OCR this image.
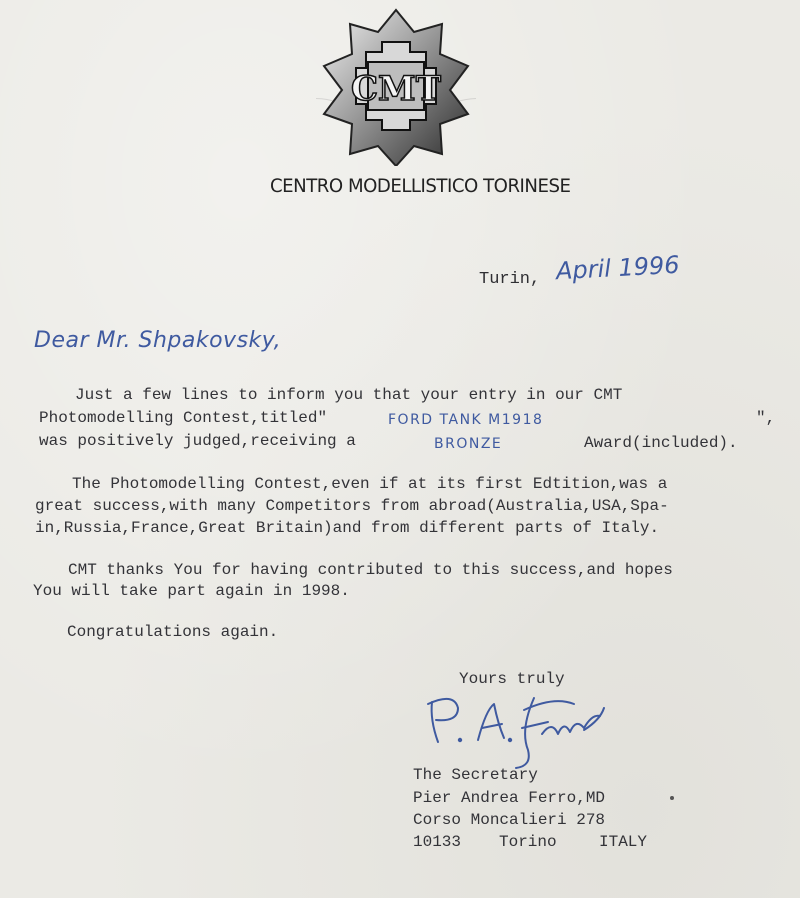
CMT
CENTRO MODELLISTICO TORINESE
Turin, April 1996
Dear Mr. Shpakovsky,
Just a few lines to inform you that your entry in our CMT
Photomodelling Contest,titled"	FORD TANK M1918	",
was positively judged,receiving a	BRONZE	Award(included).
The Photomodelling Contest,even if at its first Edtition,was a
great success,with many Competitors from abroad(Australia,USA,Spa-
in,Russia,France,Great Britain)and from different parts of Italy.
CMT thanks You for having contributed to this success,and hopes
You will take part again in 1998.
Congratulations again.
Yours truly
The Secretary
Pier Andrea Ferro,MD
Corso Moncalieri 278
10133 Torino	ITALY
